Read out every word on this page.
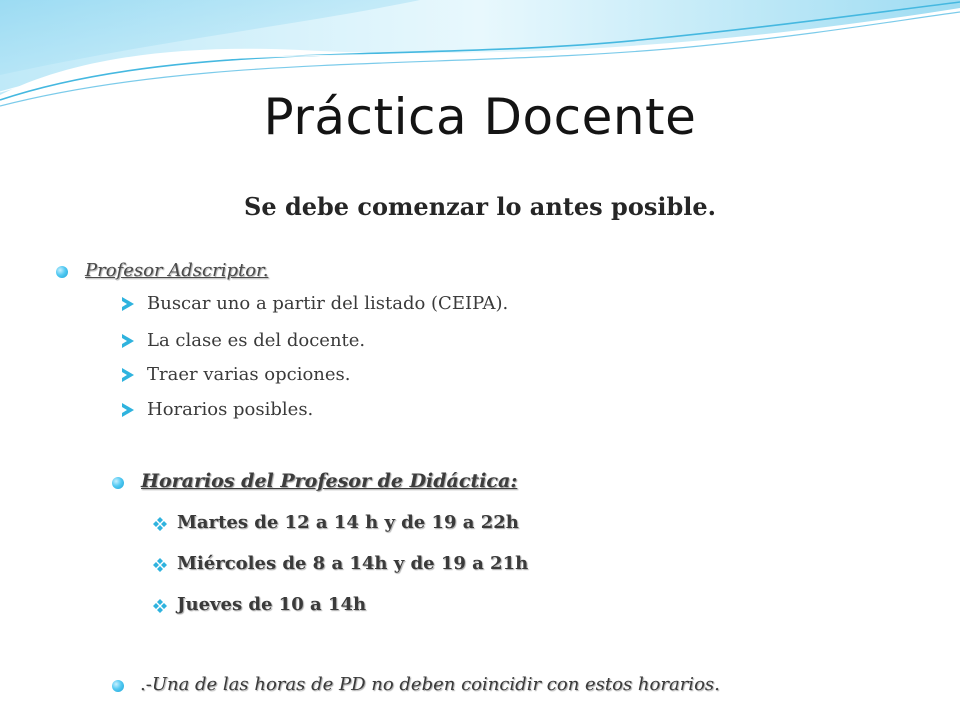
Práctica Docente
Se debe comenzar lo antes posible.
Profesor Adscriptor.
Buscar uno a partir del listado (CEIPA).
La clase es del docente.
Traer varias opciones.
Horarios posibles.
Horarios del Profesor de Didáctica:
Martes de 12 a 14 h y de 19 a 22h
Miércoles de 8 a 14h y de 19 a 21h
Jueves de 10 a 14h
.-Una de las horas de PD no deben coincidir con estos horarios.
